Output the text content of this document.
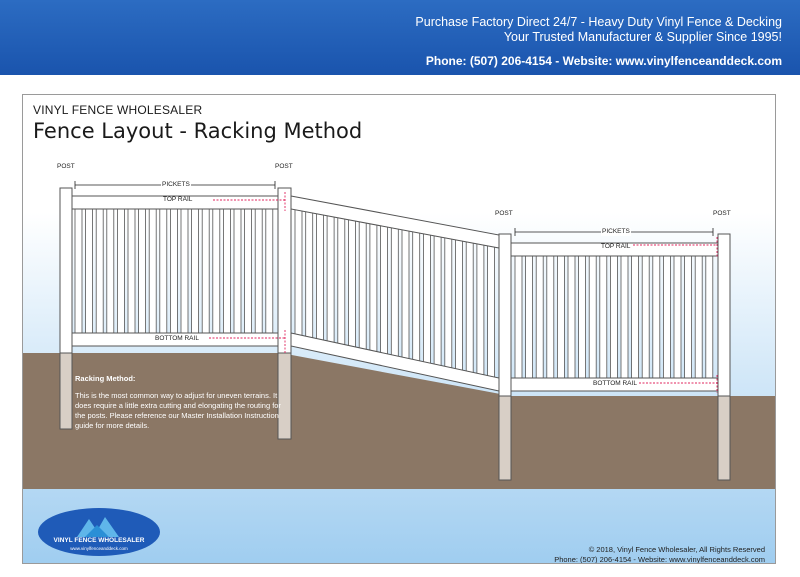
Purchase Factory Direct 24/7 - Heavy Duty Vinyl Fence & Decking
Your Trusted Manufacturer & Supplier Since 1995!
Phone: (507) 206-4154 - Website: www.vinylfenceanddeck.com
VINYL FENCE WHOLESALER
Fence Layout - Racking Method
POST	POST
POST	POST
PICKETS
PICKETS
TOP RAIL
TOP RAIL
BOTTOM RAIL
BOTTOM RAIL
Racking Method:
This is the most common way to adjust for uneven terrains. It does require a little extra cutting and elongating the routing for the posts. Please reference our Master Installation Instruction guide for more details.
VINYL FENCE WHOLESALER
www.vinylfenceanddeck.com	© 2018, Vinyl Fence Wholesaler, All Rights Reserved
Phone: (507) 206-4154 - Website: www.vinylfenceanddeck.com
